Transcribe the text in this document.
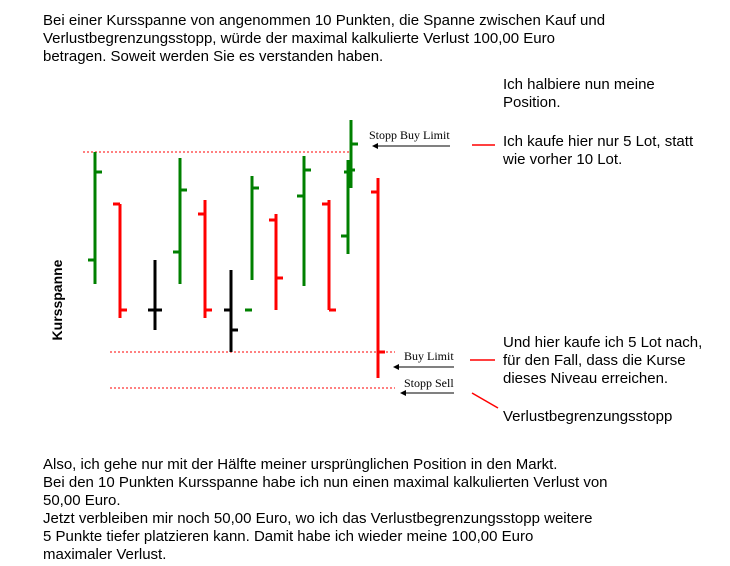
Bei einer Kursspanne von angenommen 10 Punkten, die Spanne zwischen Kauf und
Verlustbegrenzungsstopp, würde der maximal kalkulierte Verlust 100,00 Euro
betragen. Soweit werden Sie es verstanden haben.
Stopp Buy Limit
Buy Limit
Stopp Sell
Kursspanne
Ich halbiere nun meine
Position.
Ich kaufe hier nur 5 Lot, statt
wie vorher 10 Lot.
Und hier kaufe ich 5 Lot nach,
für den Fall, dass die Kurse
dieses Niveau erreichen.
Verlustbegrenzungsstopp
Also, ich gehe nur mit der Hälfte meiner ursprünglichen Position in den Markt.
Bei den 10 Punkten Kursspanne habe ich nun einen maximal kalkulierten Verlust von
50,00 Euro.
Jetzt verbleiben mir noch 50,00 Euro, wo ich das Verlustbegrenzungsstopp weitere
5 Punkte tiefer platzieren kann. Damit habe ich wieder meine 100,00 Euro
maximaler Verlust.
